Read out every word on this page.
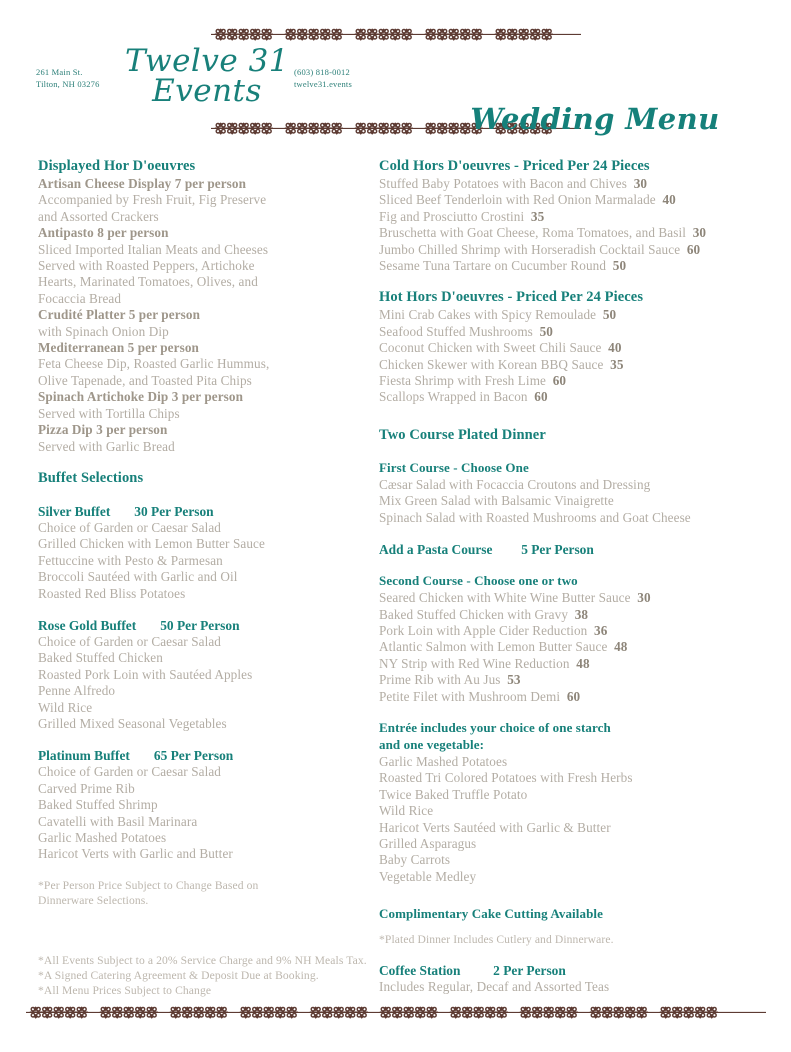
261 Main St.
Tilton, NH 03276
Twelve 31
Events
(603) 818-0012
twelve31.events
Wedding Menu
Displayed Hor D'oeuvres
Artisan Cheese Display 7 per person
Accompanied by Fresh Fruit, Fig Preserve
and Assorted Crackers
Antipasto 8 per person
Sliced Imported Italian Meats and Cheeses
Served with Roasted Peppers, Artichoke
Hearts, Marinated Tomatoes, Olives, and
Focaccia Bread
Crudité Platter 5 per person
with Spinach Onion Dip
Mediterranean 5 per person
Feta Cheese Dip, Roasted Garlic Hummus,
Olive Tapenade, and Toasted Pita Chips
Spinach Artichoke Dip 3 per person
Served with Tortilla Chips
Pizza Dip 3 per person
Served with Garlic Bread
Buffet Selections
Silver Buffet 30 Per Person
Choice of Garden or Caesar Salad
Grilled Chicken with Lemon Butter Sauce
Fettuccine with Pesto & Parmesan
Broccoli Sautéed with Garlic and Oil
Roasted Red Bliss Potatoes
Rose Gold Buffet 50 Per Person
Choice of Garden or Caesar Salad
Baked Stuffed Chicken
Roasted Pork Loin with Sautéed Apples
Penne Alfredo
Wild Rice
Grilled Mixed Seasonal Vegetables
Platinum Buffet 65 Per Person
Choice of Garden or Caesar Salad
Carved Prime Rib
Baked Stuffed Shrimp
Cavatelli with Basil Marinara
Garlic Mashed Potatoes
Haricot Verts with Garlic and Butter
*Per Person Price Subject to Change Based on
Dinnerware Selections.
Cold Hors D'oeuvres - Priced Per 24 Pieces
Stuffed Baby Potatoes with Bacon and Chives 30
Sliced Beef Tenderloin with Red Onion Marmalade 40
Fig and Prosciutto Crostini 35
Bruschetta with Goat Cheese, Roma Tomatoes, and Basil 30
Jumbo Chilled Shrimp with Horseradish Cocktail Sauce 60
Sesame Tuna Tartare on Cucumber Round 50
Hot Hors D'oeuvres - Priced Per 24 Pieces
Mini Crab Cakes with Spicy Remoulade 50
Seafood Stuffed Mushrooms 50
Coconut Chicken with Sweet Chili Sauce 40
Chicken Skewer with Korean BBQ Sauce 35
Fiesta Shrimp with Fresh Lime 60
Scallops Wrapped in Bacon 60
Two Course Plated Dinner
First Course - Choose One
Cæsar Salad with Focaccia Croutons and Dressing
Mix Green Salad with Balsamic Vinaigrette
Spinach Salad with Roasted Mushrooms and Goat Cheese
Add a Pasta Course 5 Per Person
Second Course - Choose one or two
Seared Chicken with White Wine Butter Sauce 30
Baked Stuffed Chicken with Gravy 38
Pork Loin with Apple Cider Reduction 36
Atlantic Salmon with Lemon Butter Sauce 48
NY Strip with Red Wine Reduction 48
Prime Rib with Au Jus 53
Petite Filet with Mushroom Demi 60
Entrée includes your choice of one starch
and one vegetable:
Garlic Mashed Potatoes
Roasted Tri Colored Potatoes with Fresh Herbs
Twice Baked Truffle Potato
Wild Rice
Haricot Verts Sautéed with Garlic & Butter
Grilled Asparagus
Baby Carrots
Vegetable Medley
Complimentary Cake Cutting Available
*Plated Dinner Includes Cutlery and Dinnerware.
Coffee Station 2 Per Person
Includes Regular, Decaf and Assorted Teas
*All Events Subject to a 20% Service Charge and 9% NH Meals Tax.
*A Signed Catering Agreement & Deposit Due at Booking.
*All Menu Prices Subject to Change
